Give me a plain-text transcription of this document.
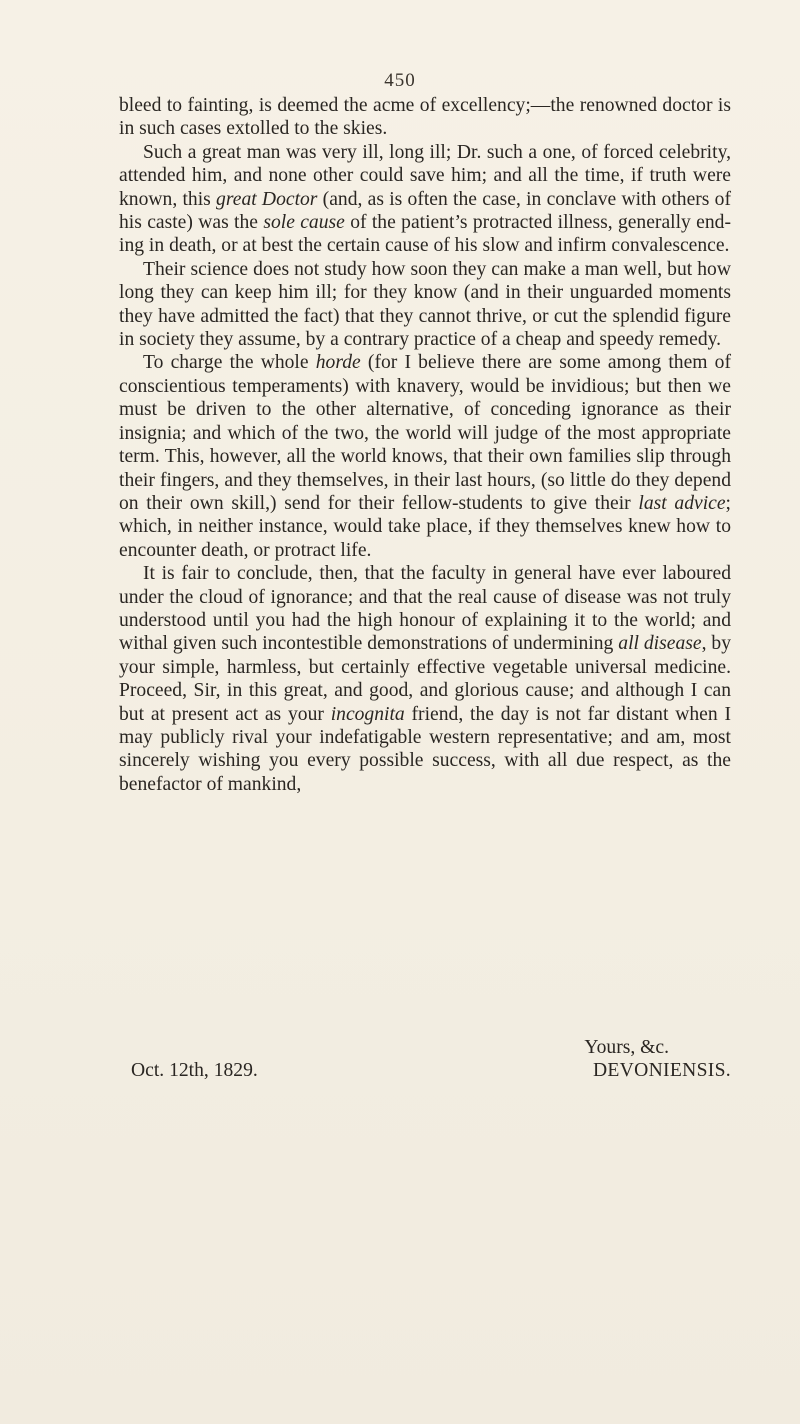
450

bleed to fainting, is deemed the acme of excellency;—the renowned doctor is in such cases extolled to the skies.

Such a great man was very ill, long ill; Dr. such a one, of forced celebrity, attended him, and none other could save him; and all the time, if truth were known, this great Doctor (and, as is often the case, in conclave with others of his caste) was the sole cause of the patient’s protracted illness, generally ending in death, or at best the certain cause of his slow and infirm convalescence.

Their science does not study how soon they can make a man well, but how long they can keep him ill; for they know (and in their unguarded moments they have admitted the fact) that they cannot thrive, or cut the splendid figure in society they assume, by a contrary practice of a cheap and speedy remedy.

To charge the whole horde (for I believe there are some among them of conscientious temperaments) with knavery, would be invidious; but then we must be driven to the other alternative, of conceding ignorance as their insignia; and which of the two, the world will judge of the most appropriate term. This, however, all the world knows, that their own families slip through their fingers, and they themselves, in their last hours, (so little do they depend on their own skill,) send for their fellow-students to give their last advice; which, in neither instance, would take place, if they themselves knew how to encounter death, or protract life.

It is fair to conclude, then, that the faculty in general have ever laboured under the cloud of ignorance; and that the real cause of disease was not truly understood until you had the high honour of explaining it to the world; and withal given such incontestible demonstrations of undermining all disease, by your simple, harmless, but certainly effective vegetable universal medicine. Proceed, Sir, in this great, and good, and glorious cause; and although I can but at present act as your incognita friend, the day is not far distant when I may publicly rival your indefatigable western representative; and am, most sincerely wishing you every possible success, with all due respect, as the benefactor of mankind,

Yours, &c.
Oct. 12th, 1829.	DEVONIENSIS.
